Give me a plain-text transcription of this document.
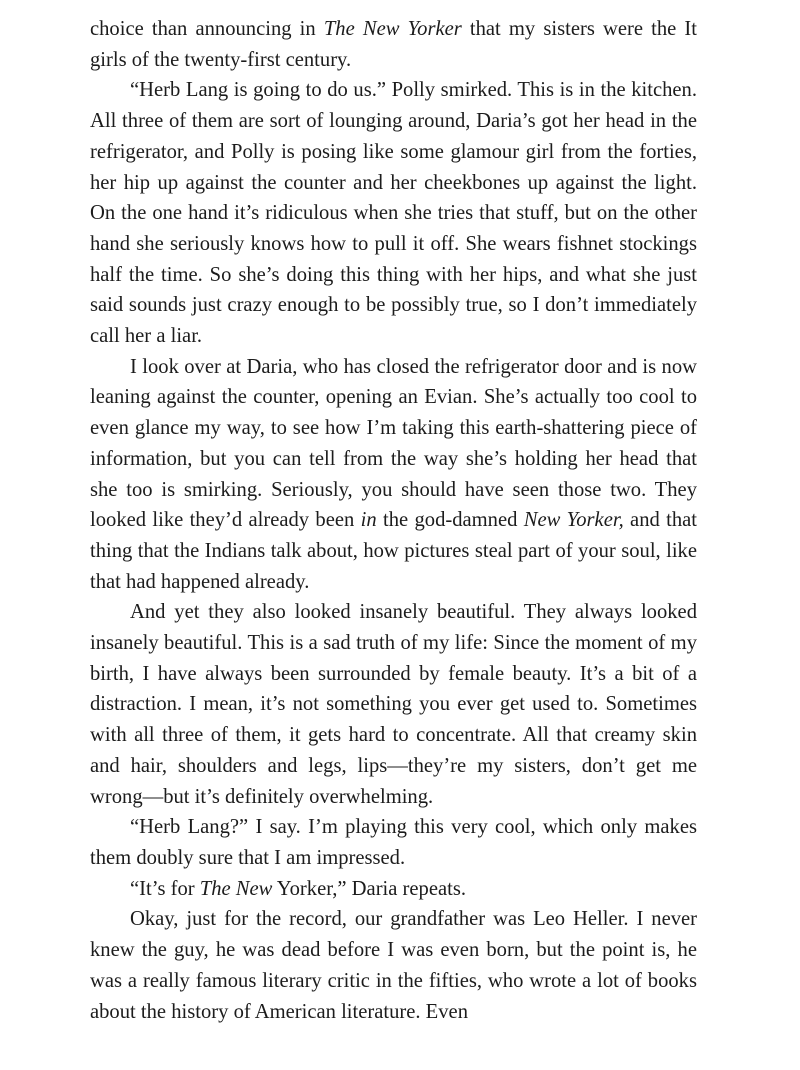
choice than announcing in The New Yorker that my sisters were the It girls of the twenty-first century.

“Herb Lang is going to do us.” Polly smirked. This is in the kitchen. All three of them are sort of lounging around, Daria’s got her head in the refrigerator, and Polly is posing like some glamour girl from the forties, her hip up against the counter and her cheekbones up against the light. On the one hand it’s ridiculous when she tries that stuff, but on the other hand she seriously knows how to pull it off. She wears fishnet stockings half the time. So she’s doing this thing with her hips, and what she just said sounds just crazy enough to be possibly true, so I don’t immediately call her a liar.

I look over at Daria, who has closed the refrigerator door and is now leaning against the counter, opening an Evian. She’s actually too cool to even glance my way, to see how I’m taking this earth-shattering piece of information, but you can tell from the way she’s holding her head that she too is smirking. Seriously, you should have seen those two. They looked like they’d already been in the god-damned New Yorker, and that thing that the Indians talk about, how pictures steal part of your soul, like that had happened already.

And yet they also looked insanely beautiful. They always looked insanely beautiful. This is a sad truth of my life: Since the moment of my birth, I have always been surrounded by female beauty. It’s a bit of a distraction. I mean, it’s not something you ever get used to. Sometimes with all three of them, it gets hard to concentrate. All that creamy skin and hair, shoulders and legs, lips—they’re my sisters, don’t get me wrong—but it’s definitely overwhelming.

“Herb Lang?” I say. I’m playing this very cool, which only makes them doubly sure that I am impressed.

“It’s for The New Yorker,” Daria repeats.

Okay, just for the record, our grandfather was Leo Heller. I never knew the guy, he was dead before I was even born, but the point is, he was a really famous literary critic in the fifties, who wrote a lot of books about the history of American literature. Even
